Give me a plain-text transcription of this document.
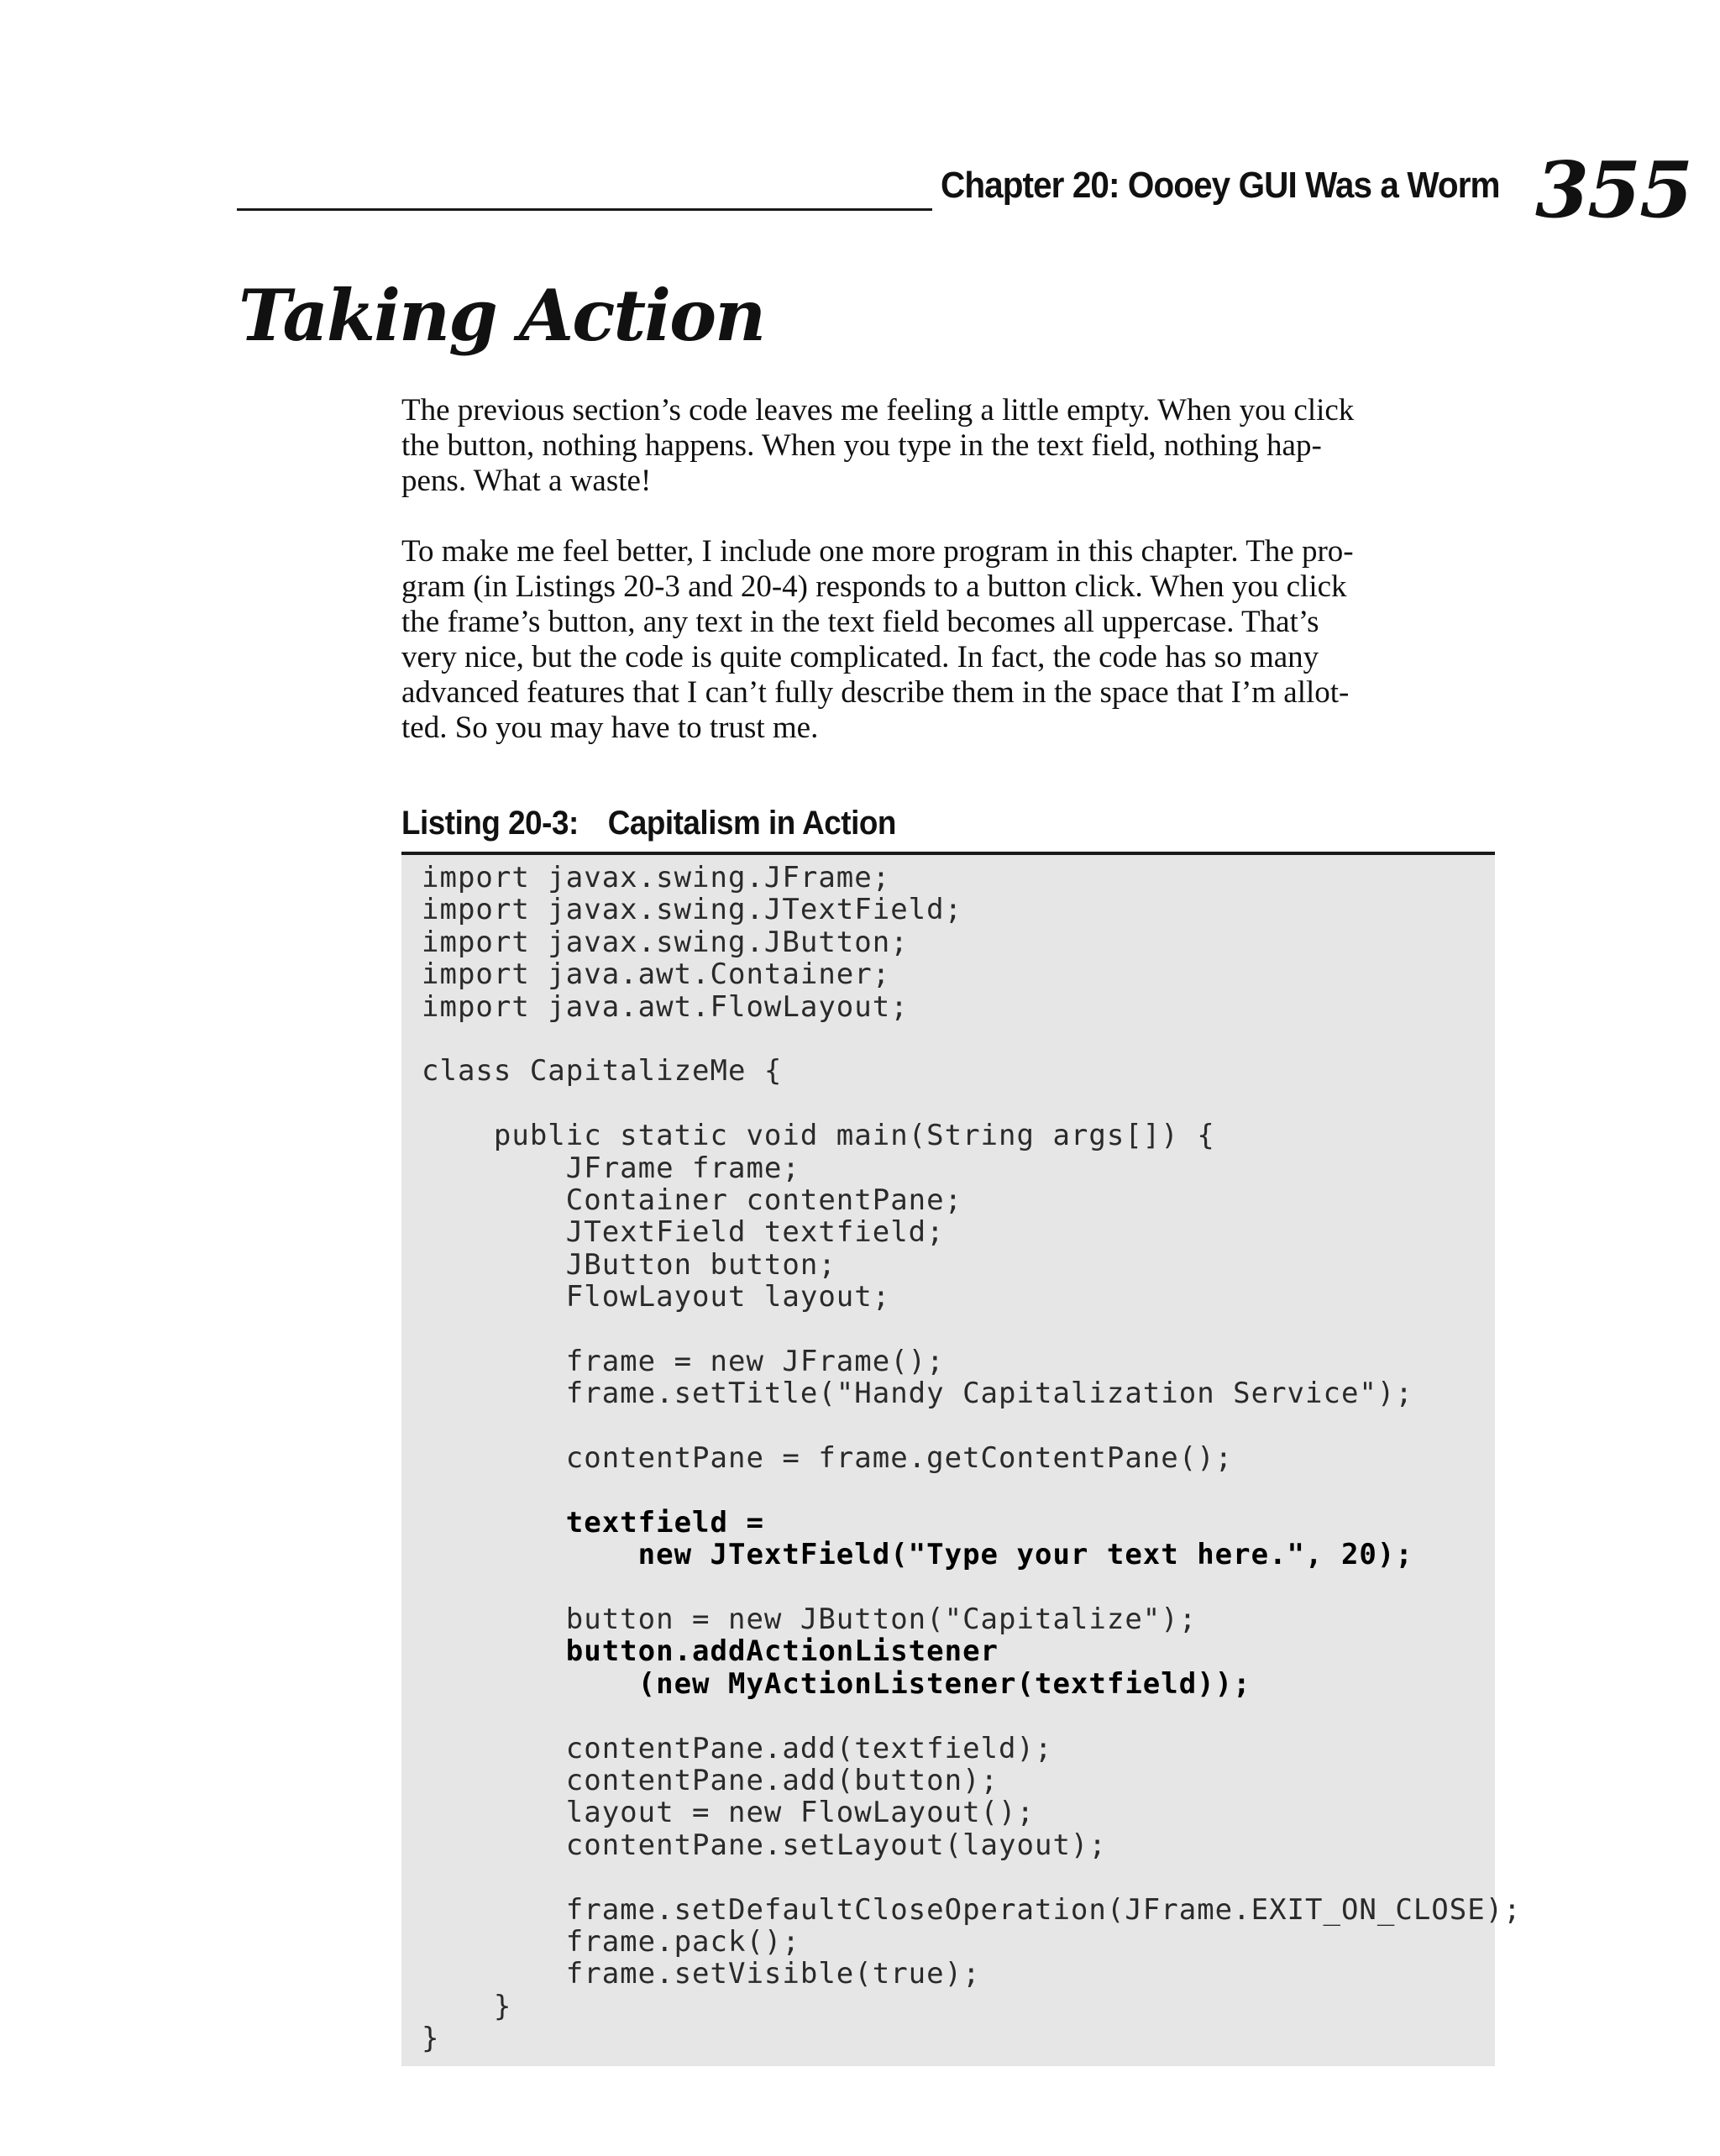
Chapter 20: Oooey GUI Was a Worm 355
Taking Action

The previous section’s code leaves me feeling a little empty. When you click
the button, nothing happens. When you type in the text field, nothing hap-
pens. What a waste!

To make me feel better, I include one more program in this chapter. The pro-
gram (in Listings 20-3 and 20-4) responds to a button click. When you click
the frame’s button, any text in the text field becomes all uppercase. That’s
very nice, but the code is quite complicated. In fact, the code has so many
advanced features that I can’t fully describe them in the space that I’m allot-
ted. So you may have to trust me.

Listing 20-3: Capitalism in Action
import javax.swing.JFrame;
import javax.swing.JTextField;
import javax.swing.JButton;
import java.awt.Container;
import java.awt.FlowLayout;
class CapitalizeMe {
public static void main(String args[]) {
JFrame frame;
Container contentPane;
JTextField textfield;
JButton button;
FlowLayout layout;
frame = new JFrame();
frame.setTitle("Handy Capitalization Service");
contentPane = frame.getContentPane();
textfield =
new JTextField("Type your text here.", 20);
button = new JButton("Capitalize");
button.addActionListener
(new MyActionListener(textfield));
contentPane.add(textfield);
contentPane.add(button);
layout = new FlowLayout();
contentPane.setLayout(layout);
frame.setDefaultCloseOperation(JFrame.EXIT_ON_CLOSE);
frame.pack();
frame.setVisible(true);
}
}
